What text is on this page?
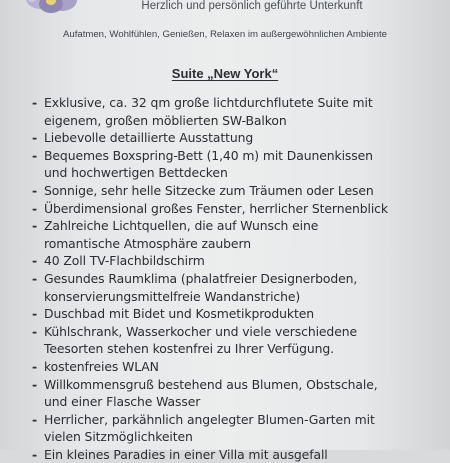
Herzlich und persönlich geführte Unterkunft
Aufatmen, Wohlfühlen, Genießen, Relaxen im außergewöhnlichen Ambiente
Suite „New York“
- Exklusive, ca. 32 qm große lichtdurchflutete Suite mit
eigenem, großen möblierten SW-Balkon
- Liebevolle detaillierte Ausstattung
- Bequemes Boxspring-Bett (1,40 m) mit Daunenkissen
und hochwertigen Bettdecken
- Sonnige, sehr helle Sitzecke zum Träumen oder Lesen
- Überdimensional großes Fenster, herrlicher Sternenblick
- Zahlreiche Lichtquellen, die auf Wunsch eine
romantische Atmosphäre zaubern
- 40 Zoll TV-Flachbildschirm
- Gesundes Raumklima (phalatfreier Designerboden,
konservierungsmittelfreie Wandanstriche)
- Duschbad mit Bidet und Kosmetikprodukten
- Kühlschrank, Wasserkocher und viele verschiedene
Teesorten stehen kostenfrei zu Ihrer Verfügung.
- kostenfreies WLAN
- Willkommensgruß bestehend aus Blumen, Obstschale,
und einer Flasche Wasser
- Herrlicher, parkähnlich angelegter Blumen-Garten mit
vielen Sitzmöglichkeiten
- Ein kleines Paradies in einer Villa mit ausgefall
